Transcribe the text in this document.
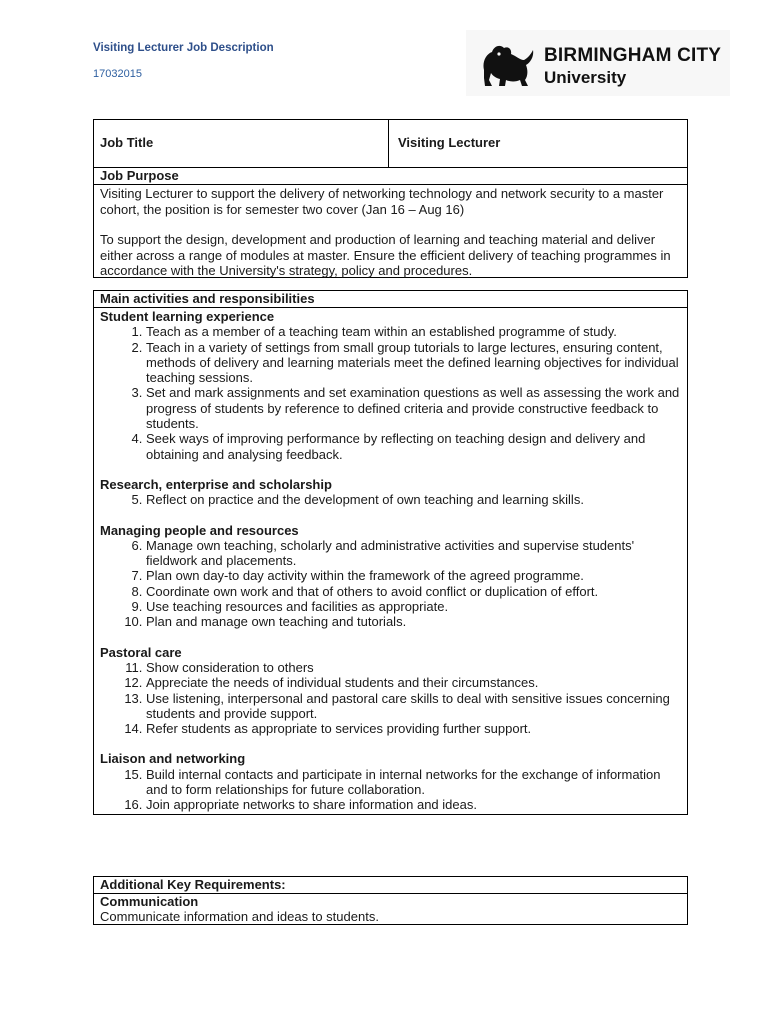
Visiting Lecturer Job Description
17032015
BIRMINGHAM CITY
University
Job Title	Visiting Lecturer
Job Purpose

Visiting Lecturer to support the delivery of networking technology and network security to a master cohort, the position is for semester two cover (Jan 16 – Aug 16)

To support the design, development and production of learning and teaching material and deliver either across a range of modules at master. Ensure the efficient delivery of teaching programmes in accordance with the University's strategy, policy and procedures.

Main activities and responsibilities
Student learning experience
1. Teach as a member of a teaching team within an established programme of study.
2. Teach in a variety of settings from small group tutorials to large lectures, ensuring content, methods of delivery and learning materials meet the defined learning objectives for individual teaching sessions.
3. Set and mark assignments and set examination questions as well as assessing the work and progress of students by reference to defined criteria and provide constructive feedback to students.
4. Seek ways of improving performance by reflecting on teaching design and delivery and obtaining and analysing feedback.
Research, enterprise and scholarship
5. Reflect on practice and the development of own teaching and learning skills.
Managing people and resources
6. Manage own teaching, scholarly and administrative activities and supervise students' fieldwork and placements.
7. Plan own day-to day activity within the framework of the agreed programme.
8. Coordinate own work and that of others to avoid conflict or duplication of effort.
9. Use teaching resources and facilities as appropriate.
10. Plan and manage own teaching and tutorials.
Pastoral care
11. Show consideration to others
12. Appreciate the needs of individual students and their circumstances.
13. Use listening, interpersonal and pastoral care skills to deal with sensitive issues concerning students and provide support.
14. Refer students as appropriate to services providing further support.
Liaison and networking
15. Build internal contacts and participate in internal networks for the exchange of information and to form relationships for future collaboration.
16. Join appropriate networks to share information and ideas.
Additional Key Requirements:
Communication
Communicate information and ideas to students.
